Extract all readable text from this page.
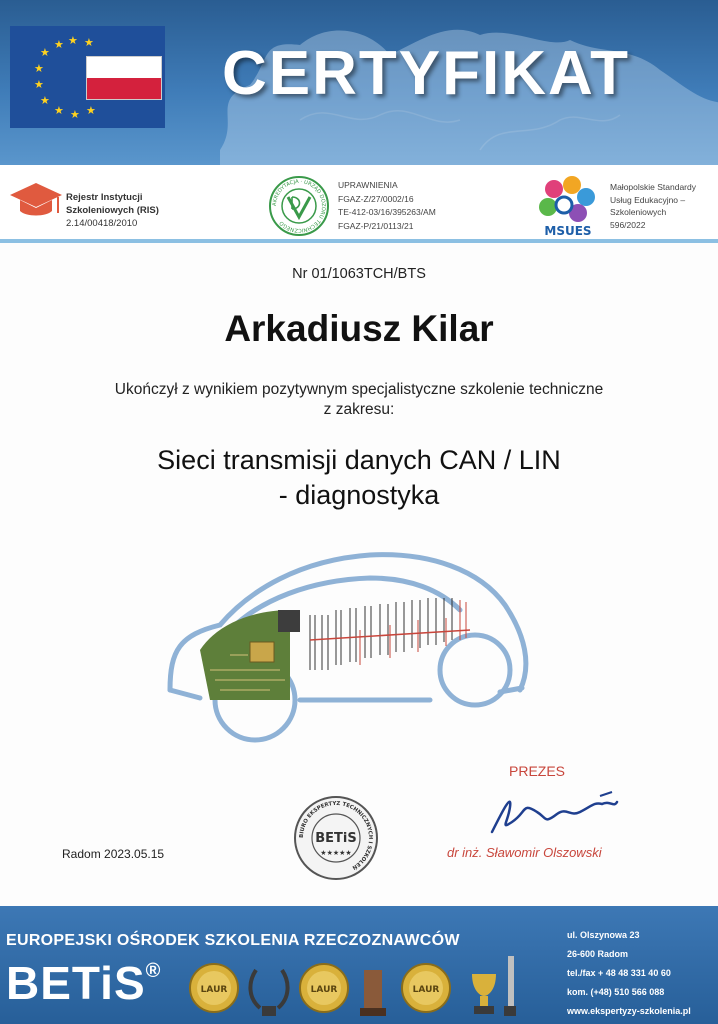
★ ★
★
★
★
★
★ ★ ★
★ CERTYFIKAT
Rejestr Instytucji
Szkoleniowych (RIS)
2.14/00418/2010
AKREDYTACJA · URZĄD DOZORU TECHNICZNEGO
UPRAWNIENIA
FGAZ-Z/27/0002/16
TE-412-03/16/395263/AM
FGAZ-P/21/0113/21	MSUES
Małopolskie Standardy
Usług Edukacyjno –
Szkoleniowych
596/2022
Nr 01/1063TCH/BTS
Arkadiusz Kilar
Ukończył z wynikiem pozytywnym specjalistyczne szkolenie techniczne
z zakresu:
Sieci transmisji danych CAN / LIN
- diagnostyka
Radom 2023.05.15
BIURO EKSPERTYZ TECHNICZNYCH I SZKOLEŃ
BETiS
★★★★★
PREZES
dr inż. Sławomir Olszowski
EUROPEJSKI OŚRODEK SZKOLENIA RZECZOZNAWCÓW
BETiS®
LAUR	LAUR	LAUR
ul. Olszynowa 23
26-600 Radom
tel./fax + 48 48 331 40 60
kom. (+48) 510 566 088
www.ekspertyzy-szkolenia.pl
